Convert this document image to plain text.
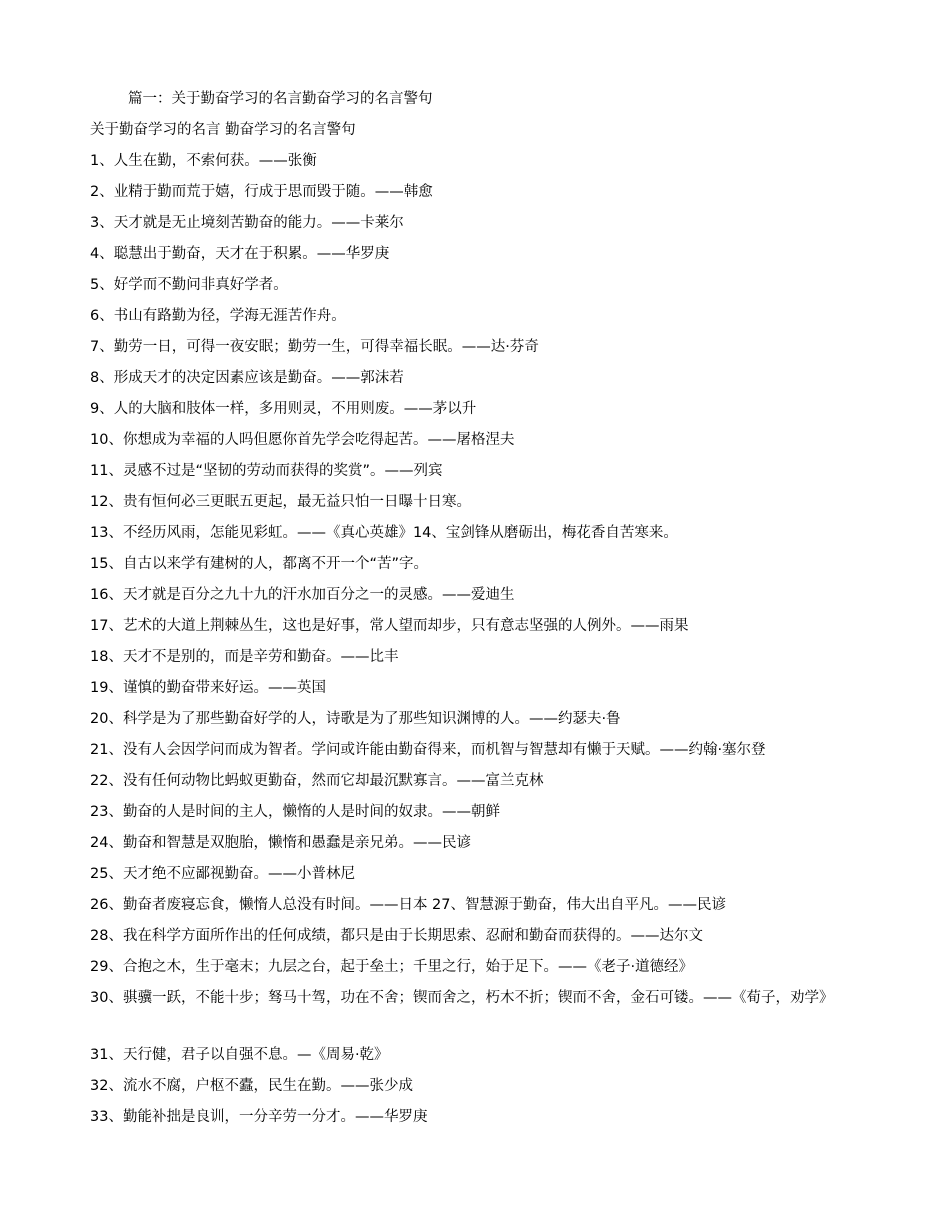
篇一：关于勤奋学习的名言勤奋学习的名言警句
关于勤奋学习的名言 勤奋学习的名言警句
1、人生在勤，不索何获。——张衡
2、业精于勤而荒于嬉，行成于思而毁于随。——韩愈
3、天才就是无止境刻苦勤奋的能力。——卡莱尔
4、聪慧出于勤奋，天才在于积累。——华罗庚
5、好学而不勤问非真好学者。
6、书山有路勤为径，学海无涯苦作舟。
7、勤劳一日，可得一夜安眠；勤劳一生，可得幸福长眠。——达·芬奇
8、形成天才的决定因素应该是勤奋。——郭沫若
9、人的大脑和肢体一样，多用则灵，不用则废。——茅以升
10、你想成为幸福的人吗但愿你首先学会吃得起苦。——屠格涅夫
11、灵感不过是“坚韧的劳动而获得的奖赏”。——列宾
12、贵有恒何必三更眠五更起，最无益只怕一日曝十日寒。
13、不经历风雨，怎能见彩虹。——《真心英雄》14、宝剑锋从磨砺出，梅花香自苦寒来。
15、自古以来学有建树的人，都离不开一个“苦”字。
16、天才就是百分之九十九的汗水加百分之一的灵感。——爱迪生
17、艺术的大道上荆棘丛生，这也是好事，常人望而却步，只有意志坚强的人例外。——雨果
18、天才不是别的，而是辛劳和勤奋。——比丰
19、谨慎的勤奋带来好运。——英国
20、科学是为了那些勤奋好学的人，诗歌是为了那些知识渊博的人。——约瑟夫·鲁
21、没有人会因学问而成为智者。学问或许能由勤奋得来，而机智与智慧却有懒于天赋。——约翰·塞尔登
22、没有任何动物比蚂蚁更勤奋，然而它却最沉默寡言。——富兰克林
23、勤奋的人是时间的主人，懒惰的人是时间的奴隶。——朝鲜
24、勤奋和智慧是双胞胎，懒惰和愚蠢是亲兄弟。——民谚
25、天才绝不应鄙视勤奋。——小普林尼
26、勤奋者废寝忘食，懒惰人总没有时间。——日本 27、智慧源于勤奋，伟大出自平凡。——民谚
28、我在科学方面所作出的任何成绩，都只是由于长期思索、忍耐和勤奋而获得的。——达尔文
29、合抱之木，生于毫末；九层之台，起于垒土；千里之行，始于足下。——《老子·道德经》
30、骐骥一跃，不能十步；驽马十驾，功在不舍；锲而舍之，朽木不折；锲而不舍，金石可镂。——《荀子，劝学》
31、天行健，君子以自强不息。—《周易·乾》
32、流水不腐，户枢不蠹，民生在勤。——张少成
33、勤能补拙是良训，一分辛劳一分才。——华罗庚
